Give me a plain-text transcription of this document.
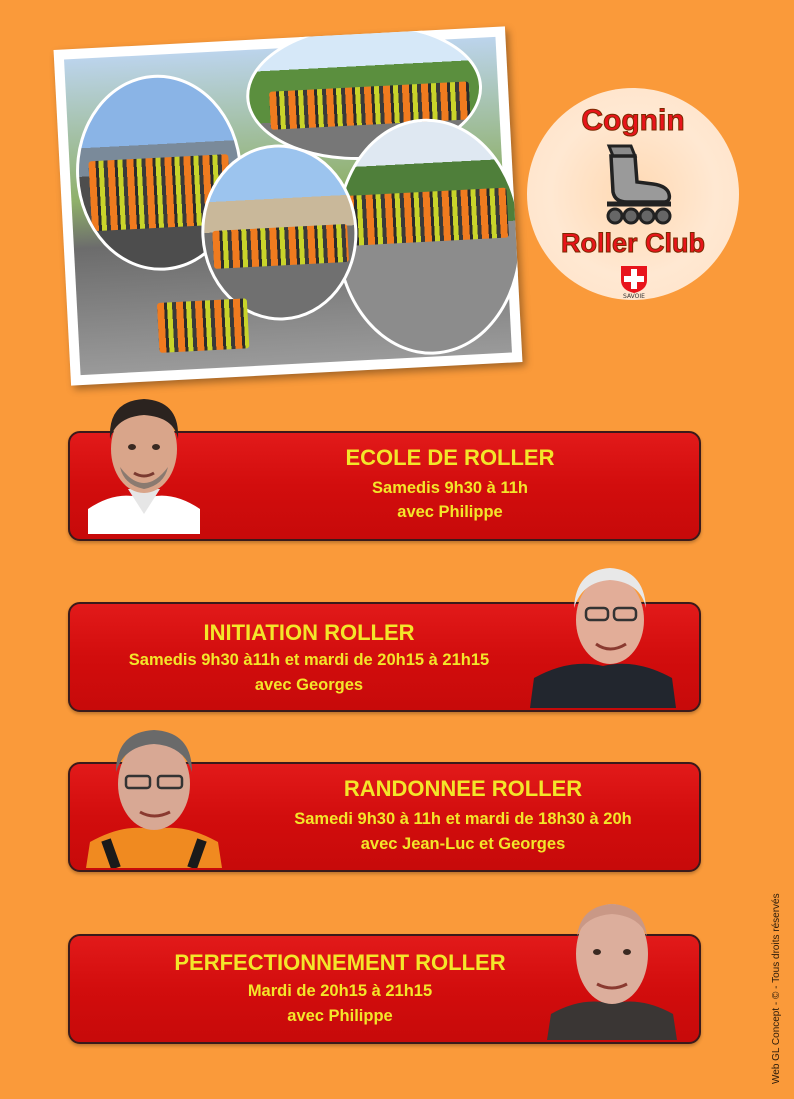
Cognin
Roller Club
SAVOIE
ECOLE DE ROLLER
Samedis 9h30 à 11h
avec Philippe
INITIATION ROLLER
Samedis 9h30 à11h et mardi de 20h15 à 21h15
avec Georges
RANDONNEE ROLLER
Samedi 9h30 à 11h et mardi de 18h30 à 20h
avec Jean-Luc et Georges
PERFECTIONNEMENT ROLLER
Mardi de 20h15 à 21h15
avec Philippe	Web GL Concept - © - Tous droits réservés
